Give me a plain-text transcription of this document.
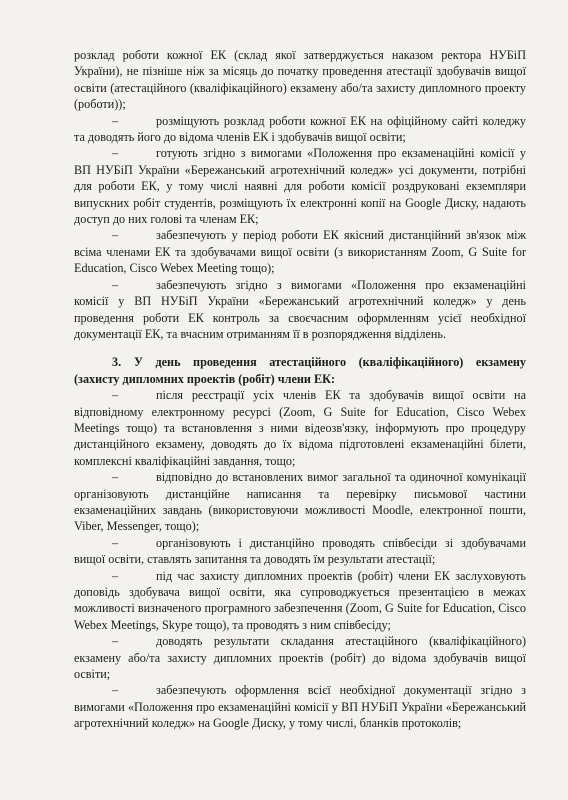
розклад роботи кожної ЕК (склад якої затверджується наказом ректора НУБіП України), не пізніше ніж за місяць до початку проведення атестації здобувачів вищої освіти (атестаційного (кваліфікаційного) екзамену або/та захисту дипломного проекту (роботи));

– розміщують розклад роботи кожної ЕК на офіційному сайті коледжу та доводять його до відома членів ЕК і здобувачів вищої освіти;

– готують згідно з вимогами «Положення про екзаменаційні комісії у ВП НУБіП України «Бережанський агротехнічний коледж» усі документи, потрібні для роботи ЕК, у тому числі наявні для роботи комісії роздруковані екземпляри випускних робіт студентів, розміщують їх електронні копії на Google Диску, надають доступ до них голові та членам ЕК;

– забезпечують у період роботи ЕК якісний дистанційний зв'язок між всіма членами ЕК та здобувачами вищої освіти (з використанням Zoom, G Suite for Education, Cisco Webex Meeting тощо);

– забезпечують згідно з вимогами «Положення про екзаменаційні комісії у ВП НУБіП України «Бережанський агротехнічний коледж» у день проведення роботи ЕК контроль за своєчасним оформленням усієї необхідної документації ЕК, та вчасним отриманням її в розпорядження відділень.

3. У день проведення атестаційного (кваліфікаційного) екзамену (захисту дипломних проектів (робіт) члени ЕК:

– після реєстрації усіх членів ЕК та здобувачів вищої освіти на відповідному електронному ресурсі (Zoom, G Suite for Education, Cisco Webex Meetings тощо) та встановлення з ними відеозв'язку, інформують про процедуру дистанційного екзамену, доводять до їх відома підготовлені екзаменаційні білети, комплексні кваліфікаційні завдання, тощо;

– відповідно до встановлених вимог загальної та одиночної комунікації організовують дистанційне написання та перевірку письмової частини екзаменаційних завдань (використовуючи можливості Moodle, електронної пошти, Viber, Messenger, тощо);

– організовують і дистанційно проводять співбесіди зі здобувачами вищої освіти, ставлять запитання та доводять їм результати атестації;

– під час захисту дипломних проектів (робіт) члени ЕК заслуховують доповідь здобувача вищої освіти, яка супроводжується презентацією в межах можливості визначеного програмного забезпечення (Zoom, G Suite for Education, Cisco Webex Meetings, Skype тощо), та проводять з ним співбесіду;

– доводять результати складання атестаційного (кваліфікаційного) екзамену або/та захисту дипломних проектів (робіт) до відома здобувачів вищої освіти;

– забезпечують оформлення всієї необхідної документації згідно з вимогами «Положення про екзаменаційні комісії у ВП НУБіП України «Бережанський агротехнічний коледж» на Google Диску, у тому числі, бланків протоколів;
